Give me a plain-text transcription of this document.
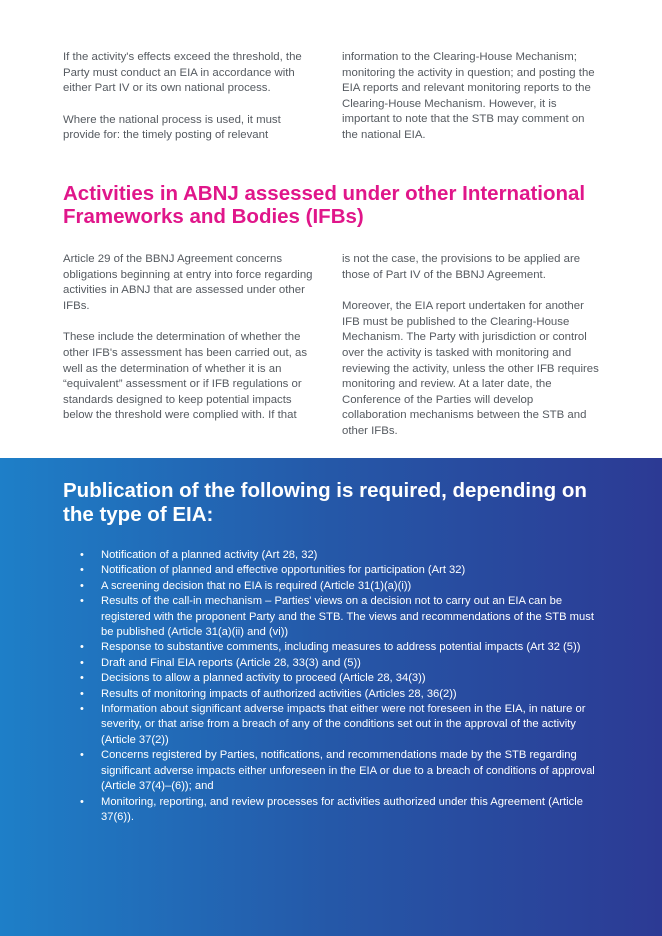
If the activity's effects exceed the threshold, the Party must conduct an EIA in accordance with either Part IV or its own national process.

Where the national process is used, it must provide for: the timely posting of relevant

information to the Clearing-House Mechanism; monitoring the activity in question; and posting the EIA reports and relevant monitoring reports to the Clearing-House Mechanism. However, it is important to note that the STB may comment on the national EIA.

Activities in ABNJ assessed under other International Frameworks and Bodies (IFBs)

Article 29 of the BBNJ Agreement concerns obligations beginning at entry into force regarding activities in ABNJ that are assessed under other IFBs.

These include the determination of whether the other IFB's assessment has been carried out, as well as the determination of whether it is an “equivalent” assessment or if IFB regulations or standards designed to keep potential impacts below the threshold were complied with. If that

is not the case, the provisions to be applied are those of Part IV of the BBNJ Agreement.

Moreover, the EIA report undertaken for another IFB must be published to the Clearing-House Mechanism. The Party with jurisdiction or control over the activity is tasked with monitoring and reviewing the activity, unless the other IFB requires monitoring and review. At a later date, the Conference of the Parties will develop collaboration mechanisms between the STB and other IFBs.

Publication of the following is required, depending on the type of EIA:
• Notification of a planned activity (Art 28, 32)
• Notification of planned and effective opportunities for participation (Art 32)
• A screening decision that no EIA is required (Article 31(1)(a)(i))
• Results of the call-in mechanism – Parties' views on a decision not to carry out an EIA can be registered with the proponent Party and the STB. The views and recommendations of the STB must be published (Article 31(a)(ii) and (vi))
• Response to substantive comments, including measures to address potential impacts (Art 32 (5))
• Draft and Final EIA reports (Article 28, 33(3) and (5))
• Decisions to allow a planned activity to proceed (Article 28, 34(3))
• Results of monitoring impacts of authorized activities (Articles 28, 36(2))
• Information about significant adverse impacts that either were not foreseen in the EIA, in nature or severity, or that arise from a breach of any of the conditions set out in the approval of the activity (Article 37(2))
• Concerns registered by Parties, notifications, and recommendations made by the STB regarding significant adverse impacts either unforeseen in the EIA or due to a breach of conditions of approval (Article 37(4)–(6)); and
• Monitoring, reporting, and review processes for activities authorized under this Agreement (Article 37(6)).
